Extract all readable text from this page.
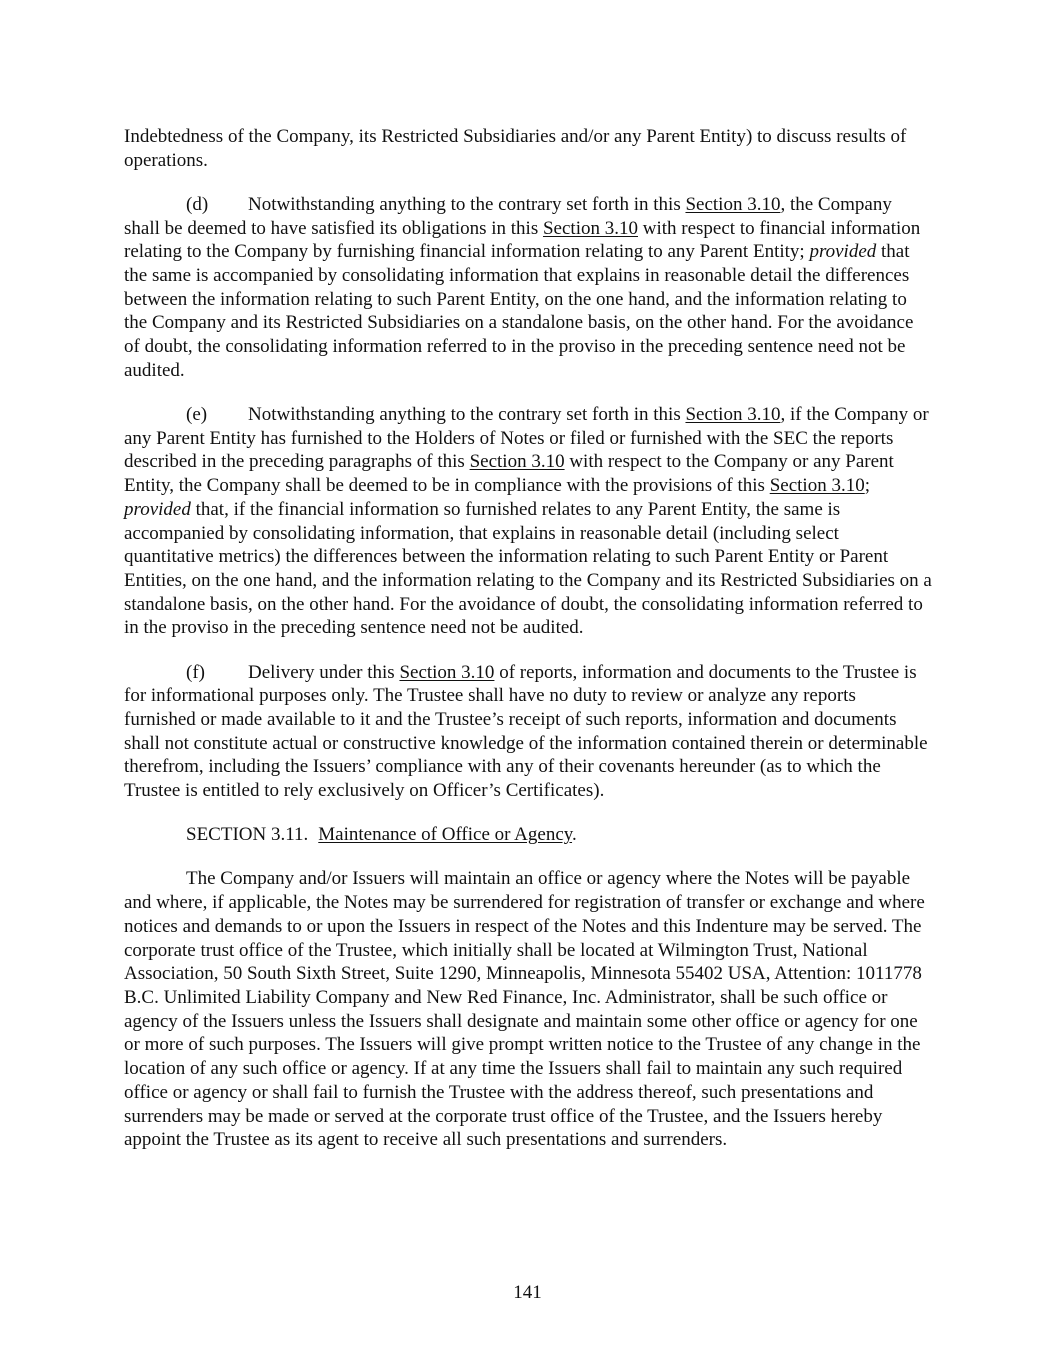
Indebtedness of the Company, its Restricted Subsidiaries and/or any Parent Entity) to discuss results of operations.

(d) Notwithstanding anything to the contrary set forth in this Section 3.10, the Company shall be deemed to have satisfied its obligations in this Section 3.10 with respect to financial information relating to the Company by furnishing financial information relating to any Parent Entity; provided that the same is accompanied by consolidating information that explains in reasonable detail the differences between the information relating to such Parent Entity, on the one hand, and the information relating to the Company and its Restricted Subsidiaries on a standalone basis, on the other hand. For the avoidance of doubt, the consolidating information referred to in the proviso in the preceding sentence need not be audited.

(e) Notwithstanding anything to the contrary set forth in this Section 3.10, if the Company or any Parent Entity has furnished to the Holders of Notes or filed or furnished with the SEC the reports described in the preceding paragraphs of this Section 3.10 with respect to the Company or any Parent Entity, the Company shall be deemed to be in compliance with the provisions of this Section 3.10; provided that, if the financial information so furnished relates to any Parent Entity, the same is accompanied by consolidating information, that explains in reasonable detail (including select quantitative metrics) the differences between the information relating to such Parent Entity or Parent Entities, on the one hand, and the information relating to the Company and its Restricted Subsidiaries on a standalone basis, on the other hand. For the avoidance of doubt, the consolidating information referred to in the proviso in the preceding sentence need not be audited.

(f) Delivery under this Section 3.10 of reports, information and documents to the Trustee is for informational purposes only. The Trustee shall have no duty to review or analyze any reports furnished or made available to it and the Trustee’s receipt of such reports, information and documents shall not constitute actual or constructive knowledge of the information contained therein or determinable therefrom, including the Issuers’ compliance with any of their covenants hereunder (as to which the Trustee is entitled to rely exclusively on Officer’s Certificates).

SECTION 3.11. Maintenance of Office or Agency.

The Company and/or Issuers will maintain an office or agency where the Notes will be payable and where, if applicable, the Notes may be surrendered for registration of transfer or exchange and where notices and demands to or upon the Issuers in respect of the Notes and this Indenture may be served. The corporate trust office of the Trustee, which initially shall be located at Wilmington Trust, National Association, 50 South Sixth Street, Suite 1290, Minneapolis, Minnesota 55402 USA, Attention: 1011778 B.C. Unlimited Liability Company and New Red Finance, Inc. Administrator, shall be such office or agency of the Issuers unless the Issuers shall designate and maintain some other office or agency for one or more of such purposes. The Issuers will give prompt written notice to the Trustee of any change in the location of any such office or agency. If at any time the Issuers shall fail to maintain any such required office or agency or shall fail to furnish the Trustee with the address thereof, such presentations and surrenders may be made or served at the corporate trust office of the Trustee, and the Issuers hereby appoint the Trustee as its agent to receive all such presentations and surrenders.

141
